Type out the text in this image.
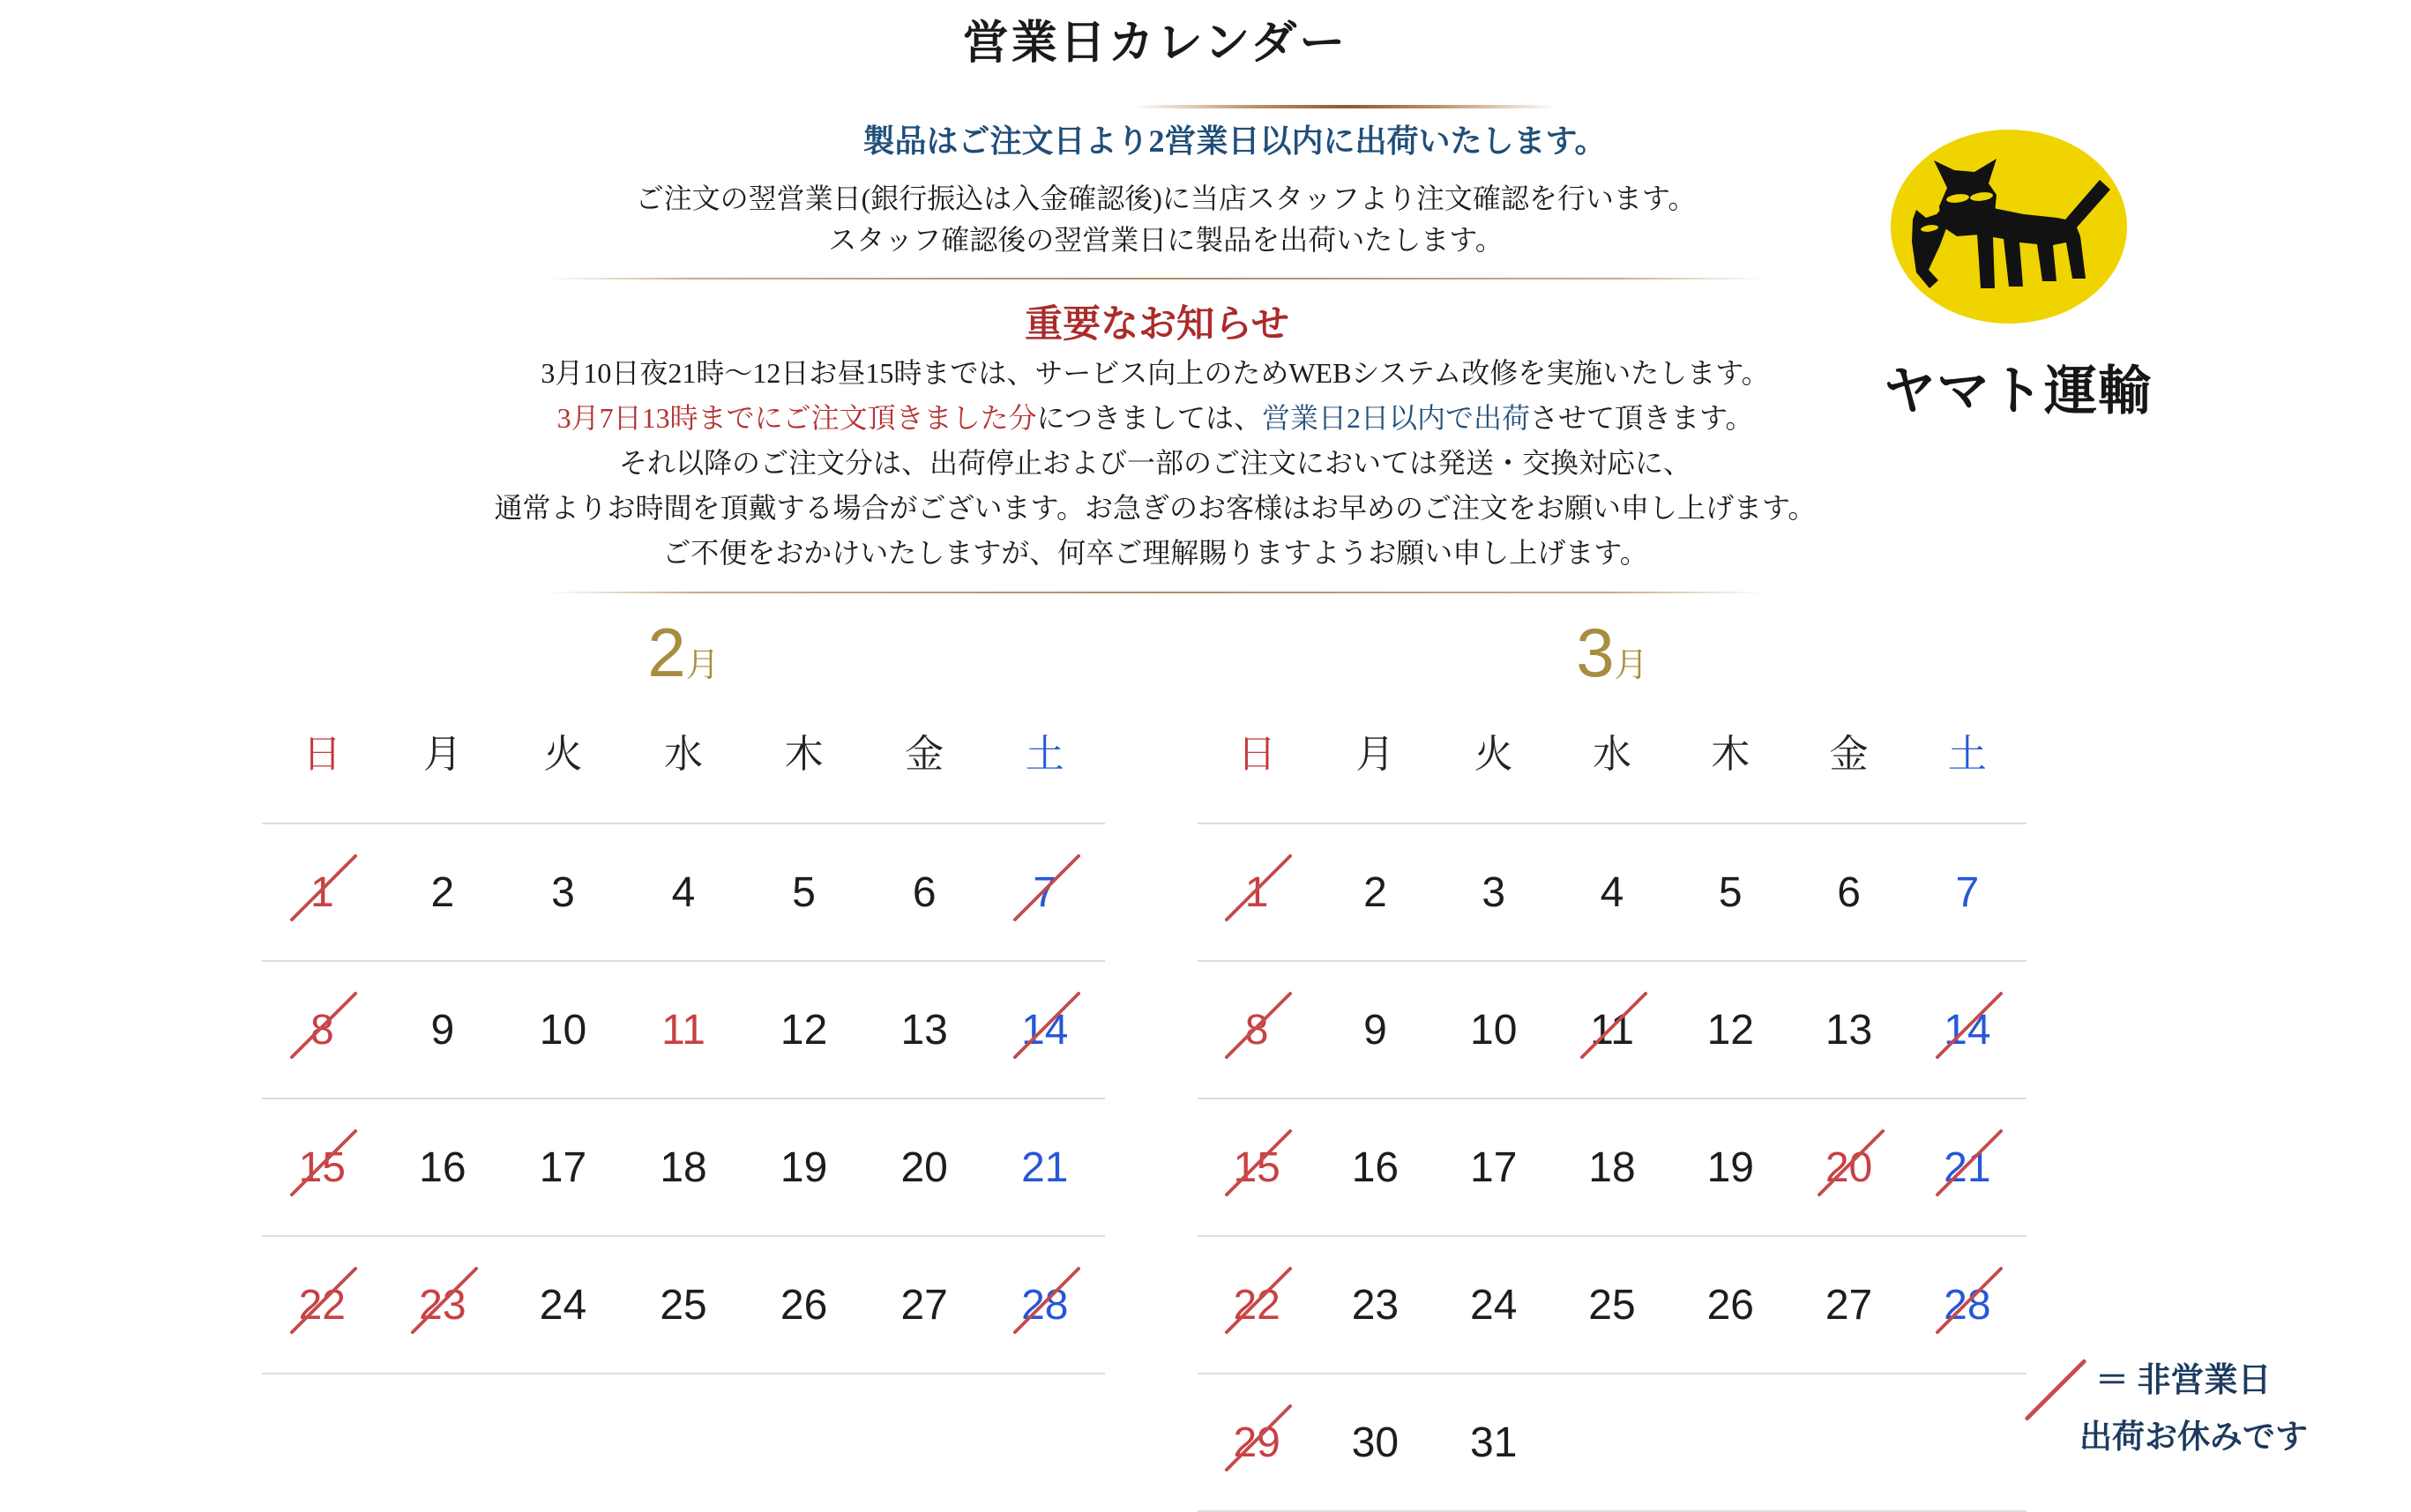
営業日カレンダー
製品はご注文日より2営業日以内に出荷いたします。
ご注文の翌営業日(銀行振込は入金確認後)に当店スタッフより注文確認を行います。
スタッフ確認後の翌営業日に製品を出荷いたします。
重要なお知らせ
3月10日夜21時〜12日お昼15時までは、サービス向上のためWEBシステム改修を実施いたします。
3月7日13時までにご注文頂きました分につきましては、営業日2日以内で出荷させて頂きます。
それ以降のご注文分は、出荷停止および一部のご注文においては発送・交換対応に、
通常よりお時間を頂戴する場合がございます。お急ぎのお客様はお早めのご注文をお願い申し上げます。
ご不便をおかけいたしますが、何卒ご理解賜りますようお願い申し上げます。
ヤマト運輸
2月
日	月	火	水	木	金	土
1 2 3 4 5 6 7
8 9 10 11 12 13 14
15 16 17 18 19 20 21
22 23 24 25 26 27 28
3月
日	月	火	水	木	金	土
1 2 3 4 5 6 7
8 9 10 11 12 13 14
15 16 17 18 19 20 21
22 23 24 25 26 27 28
29 30 31
＝ 非営業日
出荷お休みです
